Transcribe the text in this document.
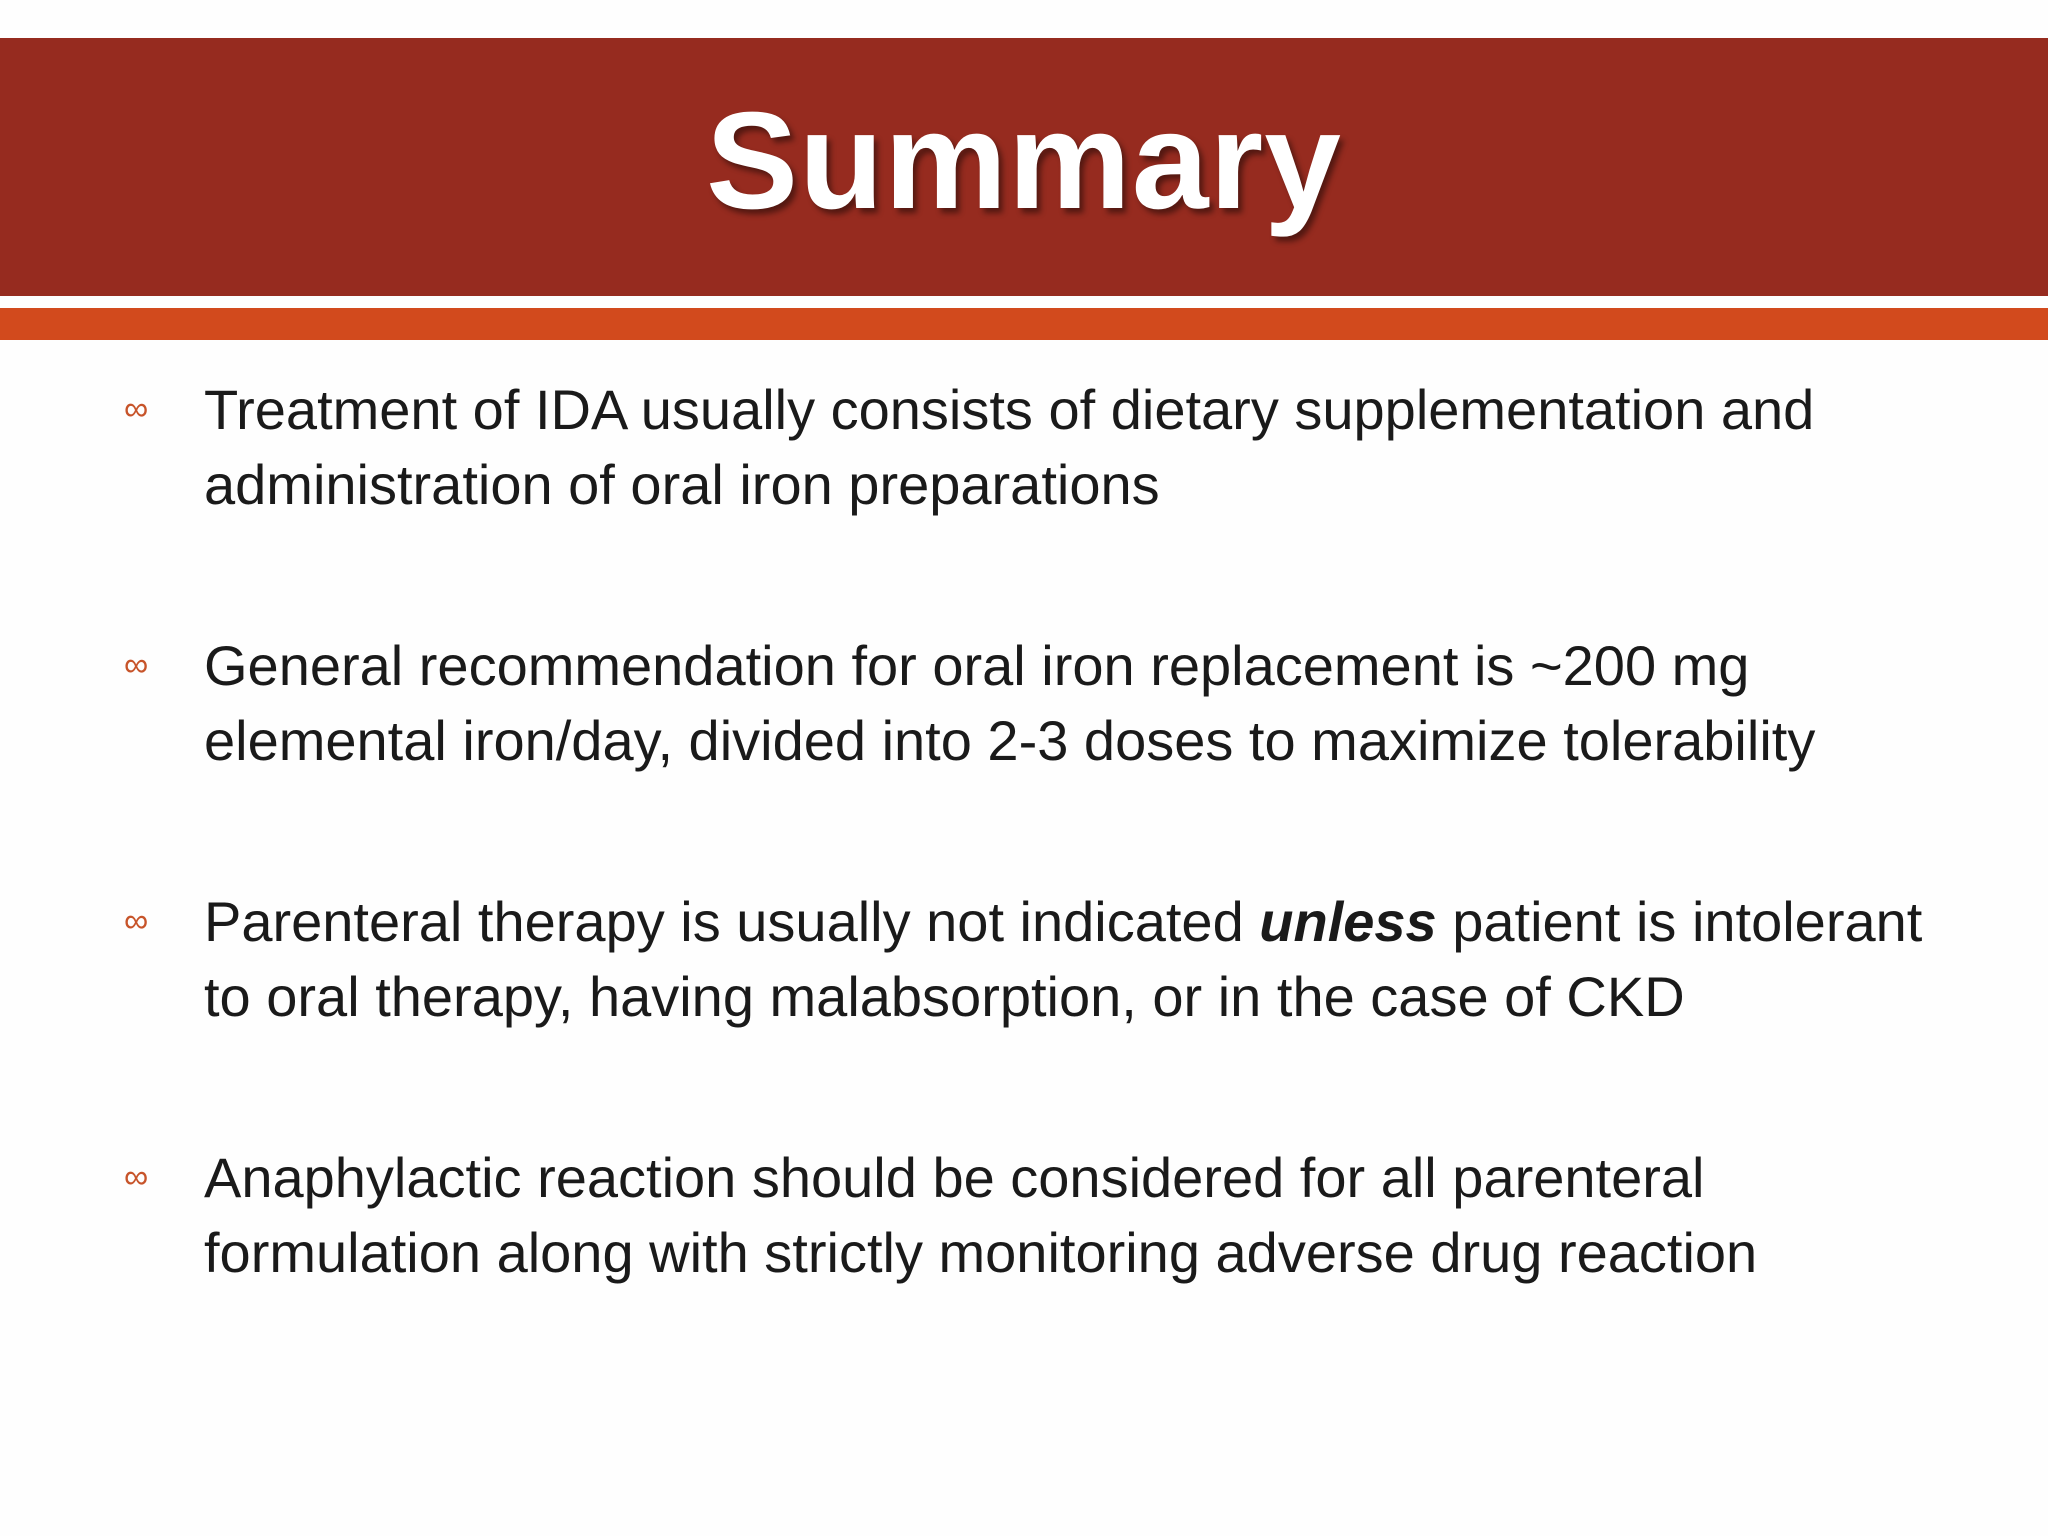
Summary
∞ Treatment of IDA usually consists of dietary supplementation and administration of oral iron preparations
∞ General recommendation for oral iron replacement is ~200 mg elemental iron/day, divided into 2-3 doses to maximize tolerability
∞ Parenteral therapy is usually not indicated unless patient is intolerant to oral therapy, having malabsorption, or in the case of CKD
∞ Anaphylactic reaction should be considered for all parenteral formulation along with strictly monitoring adverse drug reaction
